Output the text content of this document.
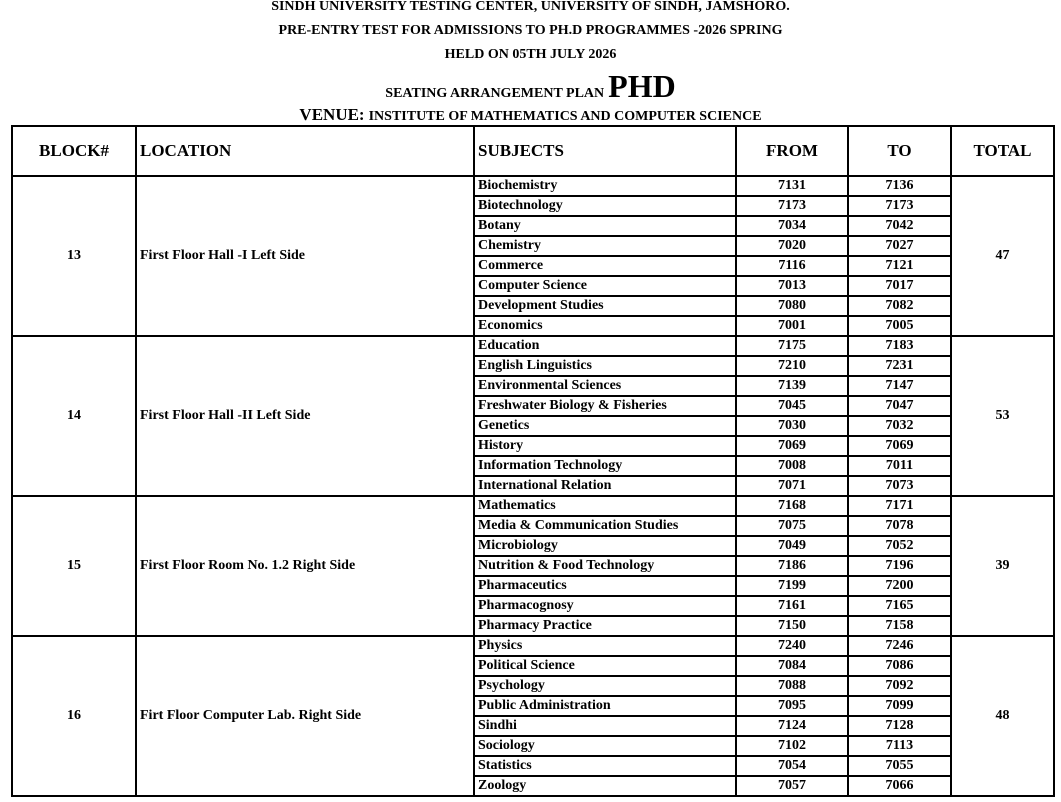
SINDH UNIVERSITY TESTING CENTER, UNIVERSITY OF SINDH, JAMSHORO.
PRE-ENTRY TEST FOR ADMISSIONS TO PH.D PROGRAMMES -2026 SPRING
HELD ON 05TH JULY 2026
SEATING ARRANGEMENT PLAN PHD
VENUE: INSTITUTE OF MATHEMATICS AND COMPUTER SCIENCE
BLOCK#	LOCATION	SUBJECTS	FROM	TO	TOTAL
13	First Floor Hall -I Left Side	Biochemistry	7131	7136	47
		Biotechnology	7173	7173	
		Botany	7034	7042	
		Chemistry	7020	7027	
		Commerce	7116	7121	
		Computer Science	7013	7017	
		Development Studies	7080	7082	
		Economics	7001	7005	
14	First Floor Hall -II Left Side	Education	7175	7183	53
		English Linguistics	7210	7231	
		Environmental Sciences	7139	7147	
		Freshwater Biology & Fisheries	7045	7047	
		Genetics	7030	7032	
		History	7069	7069	
		Information Technology	7008	7011	
		International Relation	7071	7073	
15	First Floor Room No. 1.2 Right Side	Mathematics	7168	7171	39
		Media & Communication Studies	7075	7078	
		Microbiology	7049	7052	
		Nutrition & Food Technology	7186	7196	
		Pharmaceutics	7199	7200	
		Pharmacognosy	7161	7165	
		Pharmacy Practice	7150	7158	
16	Firt Floor Computer Lab. Right Side	Physics	7240	7246	48
		Political Science	7084	7086	
		Psychology	7088	7092	
		Public Administration	7095	7099	
		Sindhi	7124	7128	
		Sociology	7102	7113	
		Statistics	7054	7055	
		Zoology	7057	7066	
